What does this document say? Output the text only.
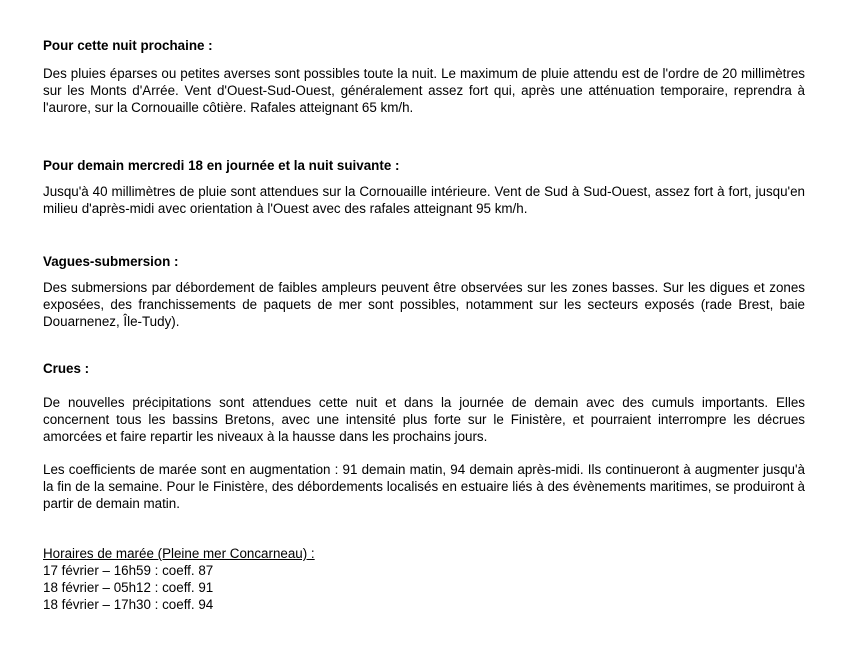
Pour cette nuit prochaine :

Des pluies éparses ou petites averses sont possibles toute la nuit. Le maximum de pluie attendu est de l'ordre de 20 millimètres sur les Monts d'Arrée. Vent d'Ouest-Sud-Ouest, généralement assez fort qui, après une atténuation temporaire, reprendra à l'aurore, sur la Cornouaille côtière. Rafales atteignant 65 km/h.

Pour demain mercredi 18 en journée et la nuit suivante :

Jusqu'à 40 millimètres de pluie sont attendues sur la Cornouaille intérieure. Vent de Sud à Sud-Ouest, assez fort à fort, jusqu'en milieu d'après-midi avec orientation à l'Ouest avec des rafales atteignant 95 km/h.

Vagues-submersion :

Des submersions par débordement de faibles ampleurs peuvent être observées sur les zones basses. Sur les digues et zones exposées, des franchissements de paquets de mer sont possibles, notamment sur les secteurs exposés (rade Brest, baie Douarnenez, Île-Tudy).

Crues :

De nouvelles précipitations sont attendues cette nuit et dans la journée de demain avec des cumuls importants. Elles concernent tous les bassins Bretons, avec une intensité plus forte sur le Finistère, et pourraient interrompre les décrues amorcées et faire repartir les niveaux à la hausse dans les prochains jours.

Les coefficients de marée sont en augmentation : 91 demain matin, 94 demain après-midi. Ils continueront à augmenter jusqu'à la fin de la semaine. Pour le Finistère, des débordements localisés en estuaire liés à des évènements maritimes, se produiront à partir de demain matin.

Horaires de marée (Pleine mer Concarneau) :

17 février – 16h59 : coeff. 87

18 février – 05h12 : coeff. 91

18 février – 17h30 : coeff. 94
